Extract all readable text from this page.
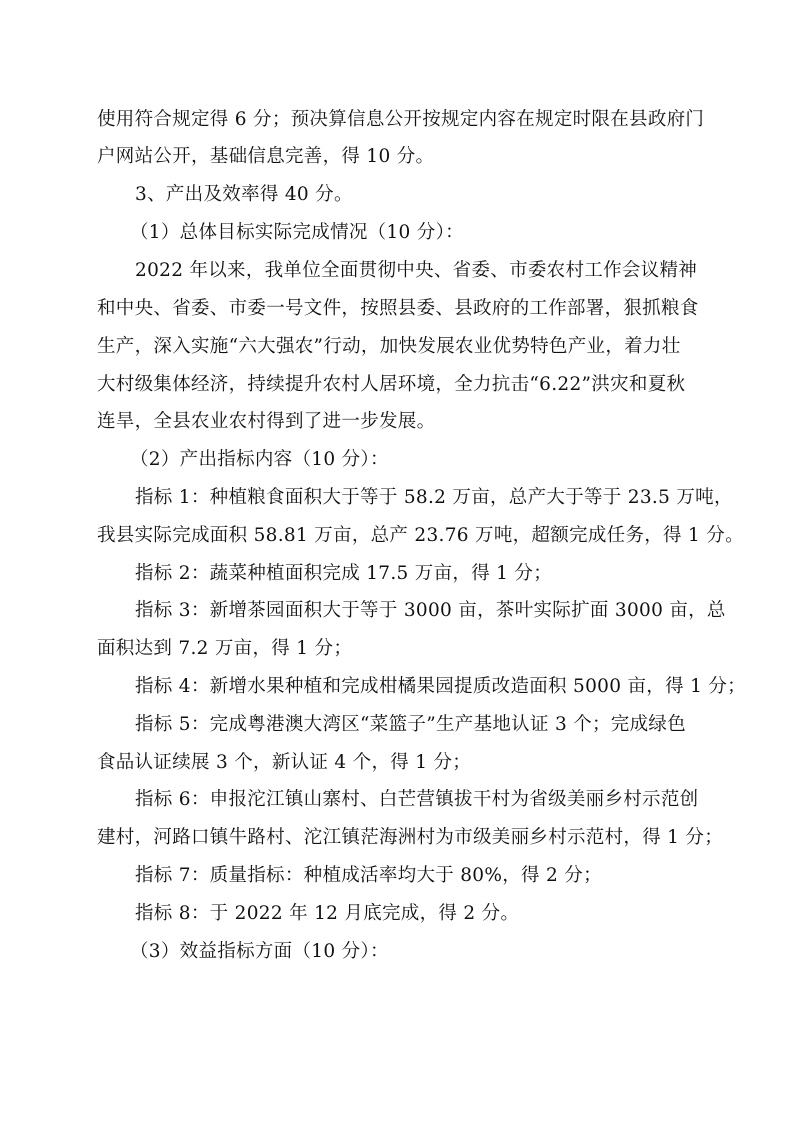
使用符合规定得 6 分；预决算信息公开按规定内容在规定时限在县政府门
户网站公开，基础信息完善，得 10 分。
3、产出及效率得 40 分。
（1）总体目标实际完成情况（10 分）：
2022 年以来，我单位全面贯彻中央、省委、市委农村工作会议精神
和中央、省委、市委一号文件，按照县委、县政府的工作部署，狠抓粮食
生产，深入实施“六大强农”行动，加快发展农业优势特色产业，着力壮
大村级集体经济，持续提升农村人居环境，全力抗击“6.22”洪灾和夏秋
连旱，全县农业农村得到了进一步发展。
（2）产出指标内容（10 分）：
指标 1：种植粮食面积大于等于 58.2 万亩，总产大于等于 23.5 万吨，
我县实际完成面积 58.81 万亩，总产 23.76 万吨，超额完成任务，得 1 分。
指标 2：蔬菜种植面积完成 17.5 万亩，得 1 分；
指标 3：新增茶园面积大于等于 3000 亩，茶叶实际扩面 3000 亩，总
面积达到 7.2 万亩，得 1 分；
指标 4：新增水果种植和完成柑橘果园提质改造面积 5000 亩，得 1 分；
指标 5：完成粤港澳大湾区“菜篮子”生产基地认证 3 个；完成绿色
食品认证续展 3 个，新认证 4 个，得 1 分；
指标 6：申报沱江镇山寨村、白芒营镇拔干村为省级美丽乡村示范创
建村，河路口镇牛路村、沱江镇茫海洲村为市级美丽乡村示范村，得 1 分；
指标 7：质量指标：种植成活率均大于 80%，得 2 分；
指标 8：于 2022 年 12 月底完成，得 2 分。
（3）效益指标方面（10 分）：
